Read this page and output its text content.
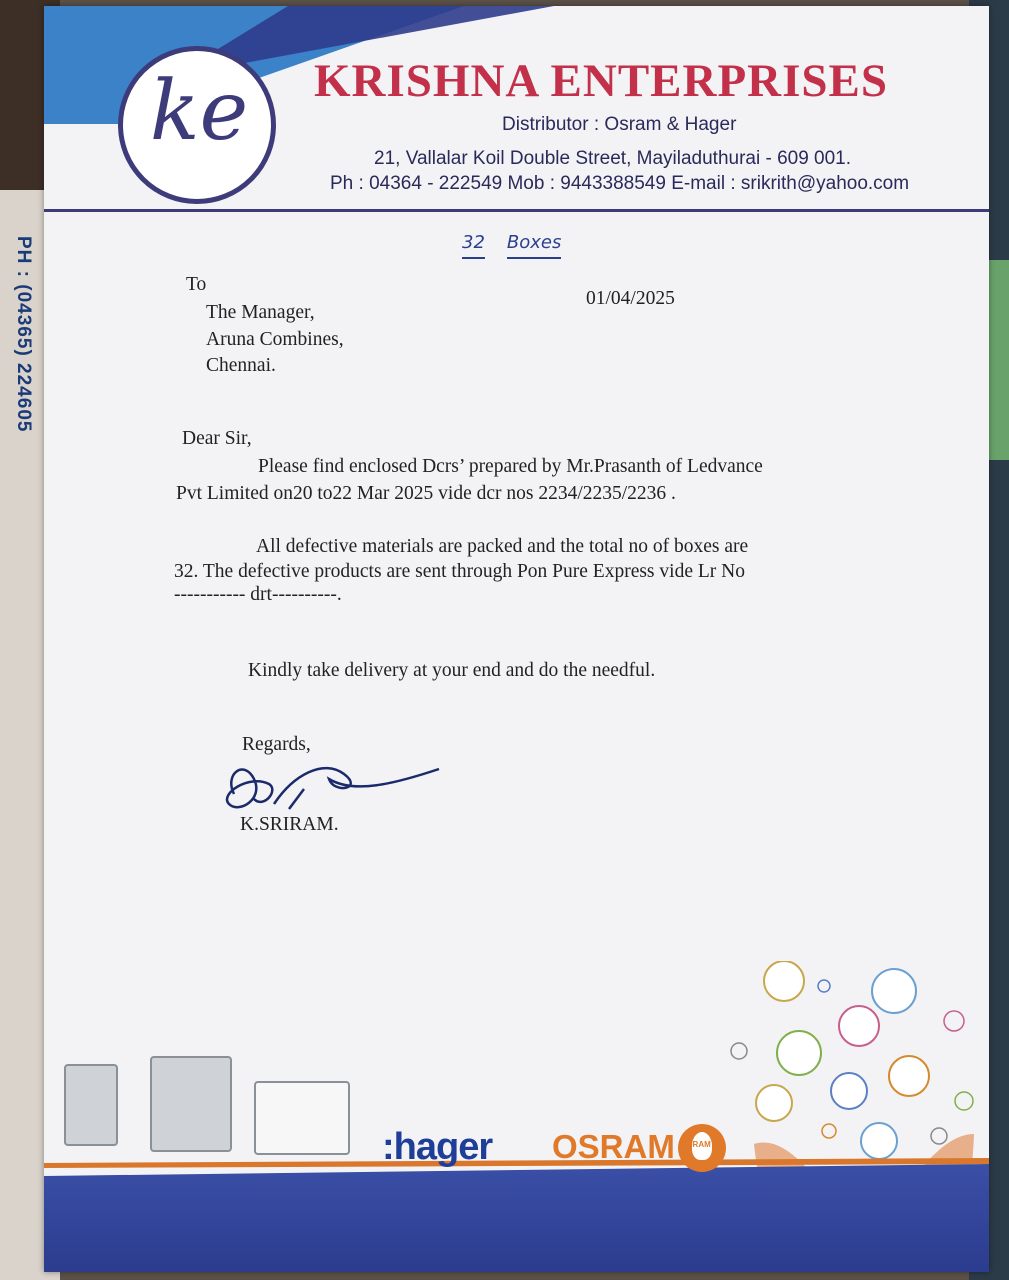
PH : (04365) 224605
ke KRISHNA ENTERPRISES
Distributor : Osram & Hager
21, Vallalar Koil Double Street, Mayiladuthurai - 609 001.
Ph : 04364 - 222549 Mob : 9443388549 E-mail : srikrith@yahoo.com
32 Boxes
To
01/04/2025
The Manager,
Aruna Combines,
Chennai.
Dear Sir,
Please find enclosed Dcrs’ prepared by Mr.Prasanth of Ledvance
Pvt Limited on20 to22 Mar 2025 vide dcr nos 2234/2235/2236 .
All defective materials are packed and the total no of boxes are
32. The defective products are sent through Pon Pure Express vide Lr No
----------- drt----------.
Kindly take delivery at your end and do the needful.
Regards,
K.SRIRAM.
:hager OSRAM OSRAM
